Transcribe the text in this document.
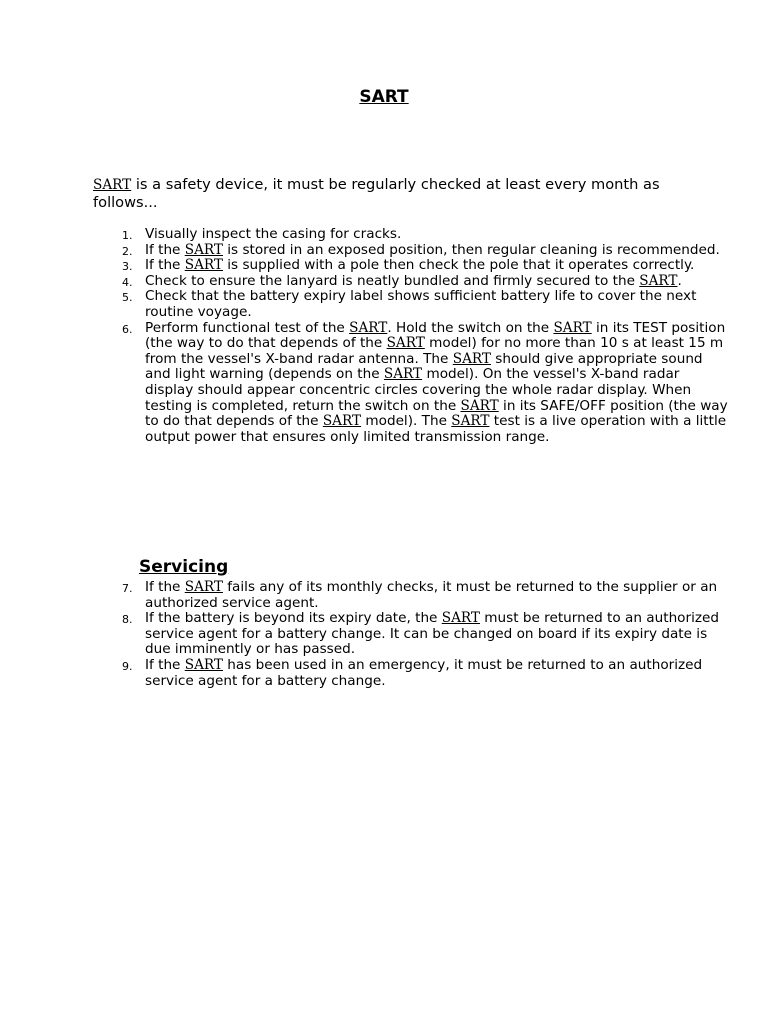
SART

SART is a safety device, it must be regularly checked at least every month as follows...

1. Visually inspect the casing for cracks.
2. If the SART is stored in an exposed position, then regular cleaning is recommended.
3. If the SART is supplied with a pole then check the pole that it operates correctly.
4. Check to ensure the lanyard is neatly bundled and firmly secured to the SART.
5. Check that the battery expiry label shows sufficient battery life to cover the next routine voyage.
6. Perform functional test of the SART. Hold the switch on the SART in its TEST position (the way to do that depends of the SART model) for no more than 10 s at least 15 m from the vessel's X-band radar antenna. The SART should give appropriate sound and light warning (depends on the SART model). On the vessel's X-band radar display should appear concentric circles covering the whole radar display. When testing is completed, return the switch on the SART in its SAFE/OFF position (the way to do that depends of the SART model). The SART test is a live operation with a little output power that ensures only limited transmission range.
Servicing
7. If the SART fails any of its monthly checks, it must be returned to the supplier or an authorized service agent.
8. If the battery is beyond its expiry date, the SART must be returned to an authorized service agent for a battery change. It can be changed on board if its expiry date is due imminently or has passed.
9. If the SART has been used in an emergency, it must be returned to an authorized service agent for a battery change.
